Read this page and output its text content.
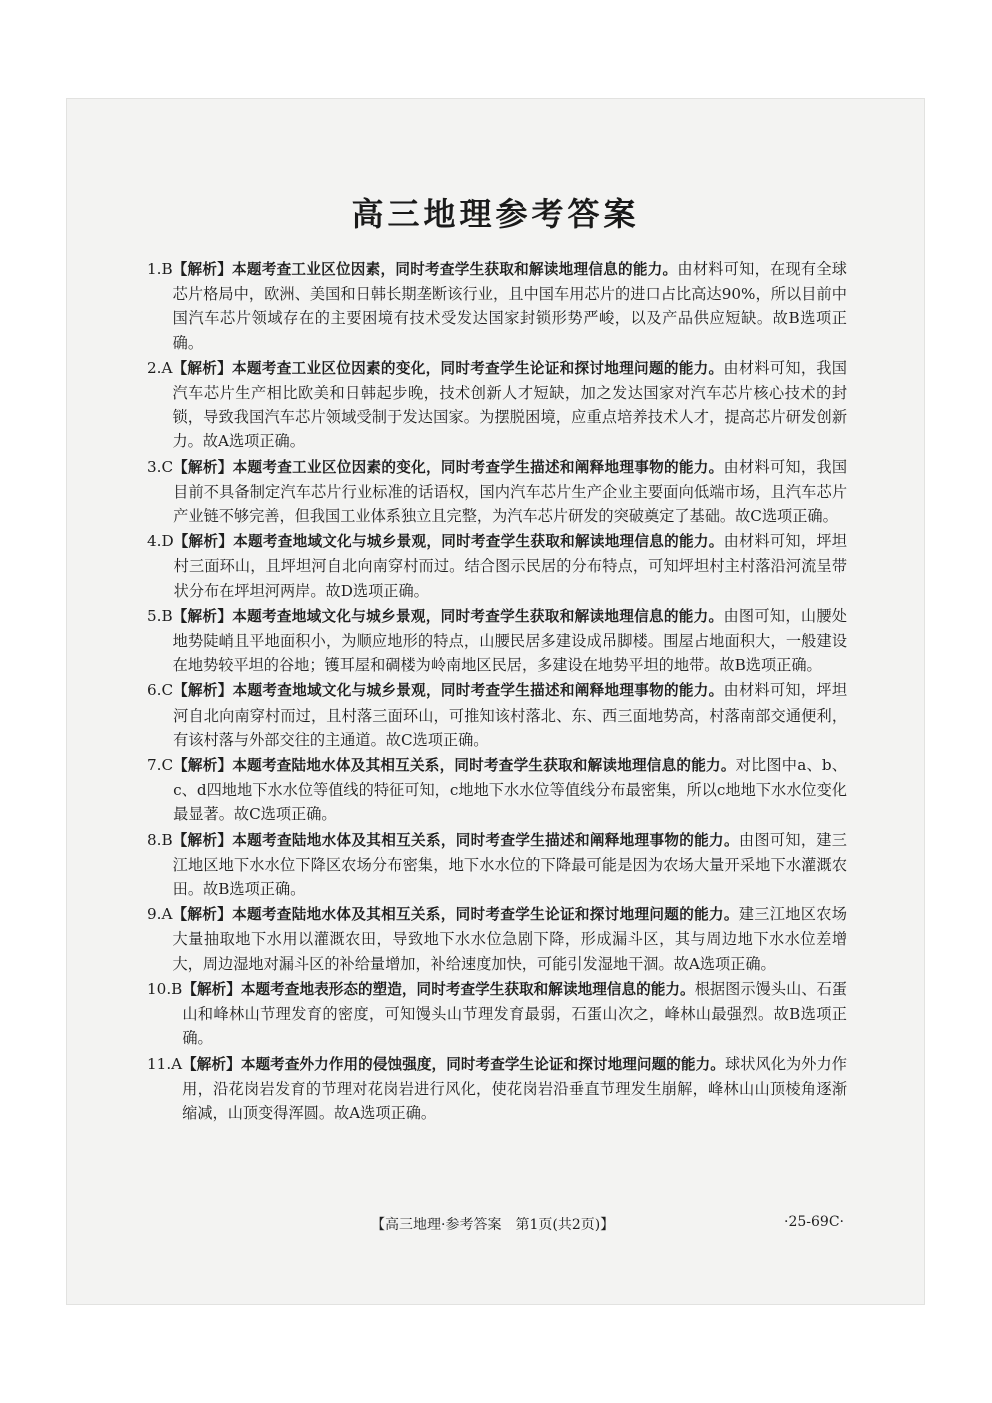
高三地理参考答案
1.B 【解析】本题考查工业区位因素，同时考查学生获取和解读地理信息的能力。由材料可知，在现有全球芯片格局中，欧洲、美国和日韩长期垄断该行业，且中国车用芯片的进口占比高达90%，所以目前中国汽车芯片领域存在的主要困境有技术受发达国家封锁形势严峻，以及产品供应短缺。故B选项正确。
2.A 【解析】本题考查工业区位因素的变化，同时考查学生论证和探讨地理问题的能力。由材料可知，我国汽车芯片生产相比欧美和日韩起步晚，技术创新人才短缺，加之发达国家对汽车芯片核心技术的封锁，导致我国汽车芯片领域受制于发达国家。为摆脱困境，应重点培养技术人才，提高芯片研发创新力。故A选项正确。
3.C 【解析】本题考查工业区位因素的变化，同时考查学生描述和阐释地理事物的能力。由材料可知，我国目前不具备制定汽车芯片行业标准的话语权，国内汽车芯片生产企业主要面向低端市场，且汽车芯片产业链不够完善，但我国工业体系独立且完整，为汽车芯片研发的突破奠定了基础。故C选项正确。
4.D 【解析】本题考查地域文化与城乡景观，同时考查学生获取和解读地理信息的能力。由材料可知，坪坦村三面环山，且坪坦河自北向南穿村而过。结合图示民居的分布特点，可知坪坦村主村落沿河流呈带状分布在坪坦河两岸。故D选项正确。
5.B 【解析】本题考查地域文化与城乡景观，同时考查学生获取和解读地理信息的能力。由图可知，山腰处地势陡峭且平地面积小，为顺应地形的特点，山腰民居多建设成吊脚楼。围屋占地面积大，一般建设在地势较平坦的谷地；镬耳屋和碉楼为岭南地区民居，多建设在地势平坦的地带。故B选项正确。
6.C 【解析】本题考查地域文化与城乡景观，同时考查学生描述和阐释地理事物的能力。由材料可知，坪坦河自北向南穿村而过，且村落三面环山，可推知该村落北、东、西三面地势高，村落南部交通便利，有该村落与外部交往的主通道。故C选项正确。
7.C 【解析】本题考查陆地水体及其相互关系，同时考查学生获取和解读地理信息的能力。对比图中a、b、c、d四地地下水水位等值线的特征可知，c地地下水水位等值线分布最密集，所以c地地下水水位变化最显著。故C选项正确。
8.B 【解析】本题考查陆地水体及其相互关系，同时考查学生描述和阐释地理事物的能力。由图可知，建三江地区地下水水位下降区农场分布密集，地下水水位的下降最可能是因为农场大量开采地下水灌溉农田。故B选项正确。
9.A 【解析】本题考查陆地水体及其相互关系，同时考查学生论证和探讨地理问题的能力。建三江地区农场大量抽取地下水用以灌溉农田，导致地下水水位急剧下降，形成漏斗区，其与周边地下水水位差增大，周边湿地对漏斗区的补给量增加，补给速度加快，可能引发湿地干涸。故A选项正确。
10.B 【解析】本题考查地表形态的塑造，同时考查学生获取和解读地理信息的能力。根据图示馒头山、石蛋山和峰林山节理发育的密度，可知馒头山节理发育最弱，石蛋山次之，峰林山最强烈。故B选项正确。
11.A 【解析】本题考查外力作用的侵蚀强度，同时考查学生论证和探讨地理问题的能力。球状风化为外力作用，沿花岗岩发育的节理对花岗岩进行风化，使花岗岩沿垂直节理发生崩解，峰林山山顶棱角逐渐缩减，山顶变得浑圆。故A选项正确。
【高三地理·参考答案　第1页(共2页)】	·25-69C·
